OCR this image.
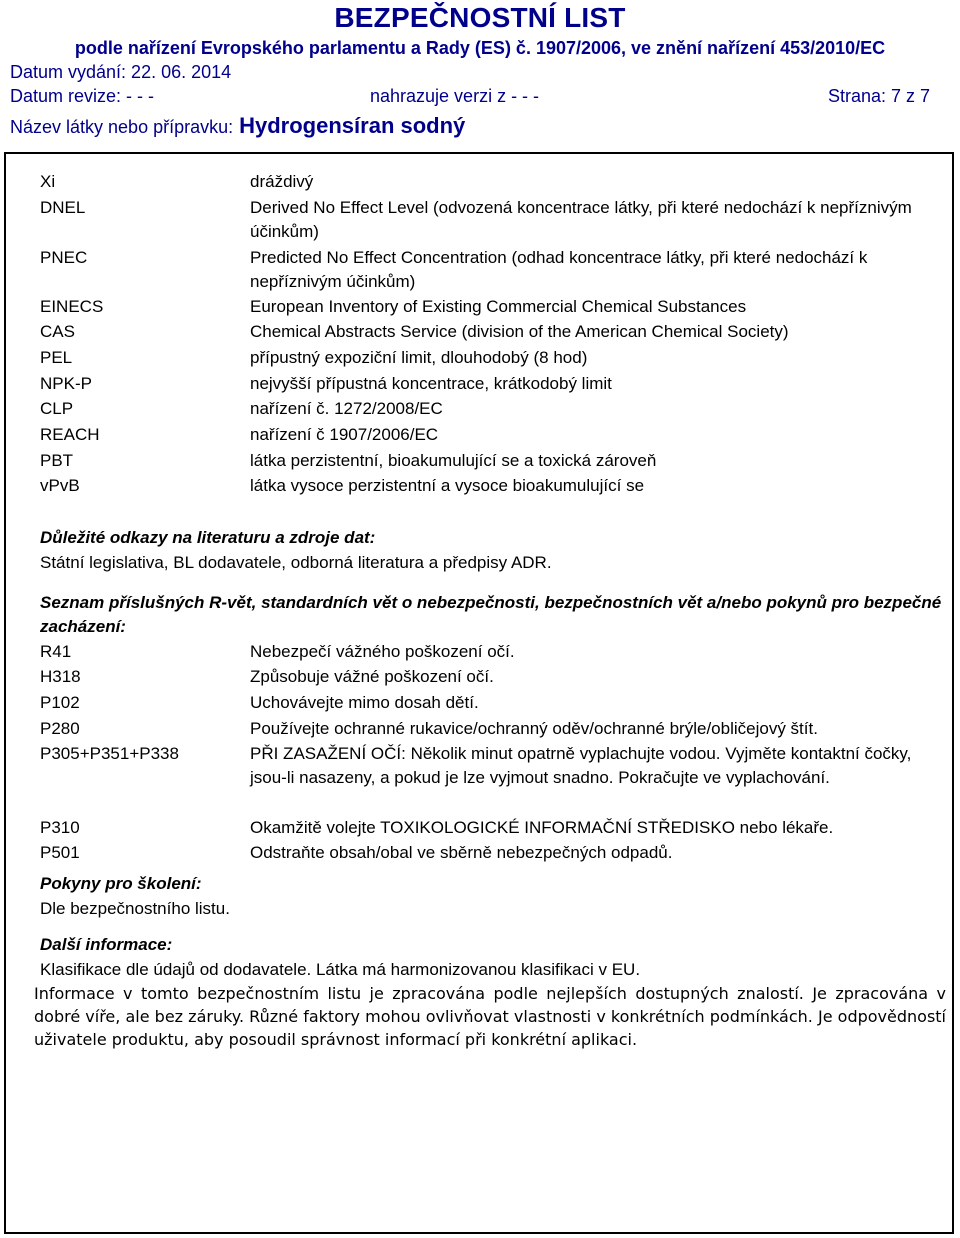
BEZPEČNOSTNÍ LIST
podle nařízení Evropského parlamentu a Rady (ES) č. 1907/2006, ve znění nařízení 453/2010/EC
Datum vydání: 22. 06. 2014
Datum revize: - - -	nahrazuje verzi z - - -	Strana: 7 z 7
Název látky nebo přípravku: Hydrogensíran sodný
Xi	dráždivý
DNEL	Derived No Effect Level (odvozená koncentrace látky, při které nedochází k nepříznivým účinkům)
PNEC	Predicted No Effect Concentration (odhad koncentrace látky, při které nedochází k nepříznivým účinkům)
EINECS	European Inventory of Existing Commercial Chemical Substances
CAS	Chemical Abstracts Service (division of the American Chemical Society)
PEL	přípustný expoziční limit, dlouhodobý (8 hod)
NPK-P	nejvyšší přípustná koncentrace, krátkodobý limit
CLP	nařízení č. 1272/2008/EC
REACH	nařízení č 1907/2006/EC
PBT	látka perzistentní, bioakumulující se a toxická zároveň
vPvB	látka vysoce perzistentní a vysoce bioakumulující se
Důležité odkazy na literaturu a zdroje dat:
Státní legislativa, BL dodavatele, odborná literatura a předpisy ADR.
Seznam příslušných R-vět, standardních vět o nebezpečnosti, bezpečnostních vět a/nebo pokynů pro bezpečné zacházení:
R41	Nebezpečí vážného poškození očí.
H318	Způsobuje vážné poškození očí.
P102	Uchovávejte mimo dosah dětí.
P280	Používejte ochranné rukavice/ochranný oděv/ochranné brýle/obličejový štít.
P305+P351+P338	PŘI ZASAŽENÍ OČÍ: Několik minut opatrně vyplachujte vodou. Vyjměte kontaktní čočky, jsou-li nasazeny, a pokud je lze vyjmout snadno. Pokračujte ve vyplachování.
P310	Okamžitě volejte TOXIKOLOGICKÉ INFORMAČNÍ STŘEDISKO nebo lékaře.
P501	Odstraňte obsah/obal ve sběrně nebezpečných odpadů.
Pokyny pro školení:
Dle bezpečnostního listu.
Další informace:
Klasifikace dle údajů od dodavatele. Látka má harmonizovanou klasifikaci v EU.
Informace v tomto bezpečnostním listu je zpracována podle nejlepších dostupných znalostí. Je zpracována v dobré víře, ale bez záruky. Různé faktory mohou ovlivňovat vlastnosti v konkrétních podmínkách. Je odpovědností uživatele produktu, aby posoudil správnost informací při konkrétní aplikaci.
